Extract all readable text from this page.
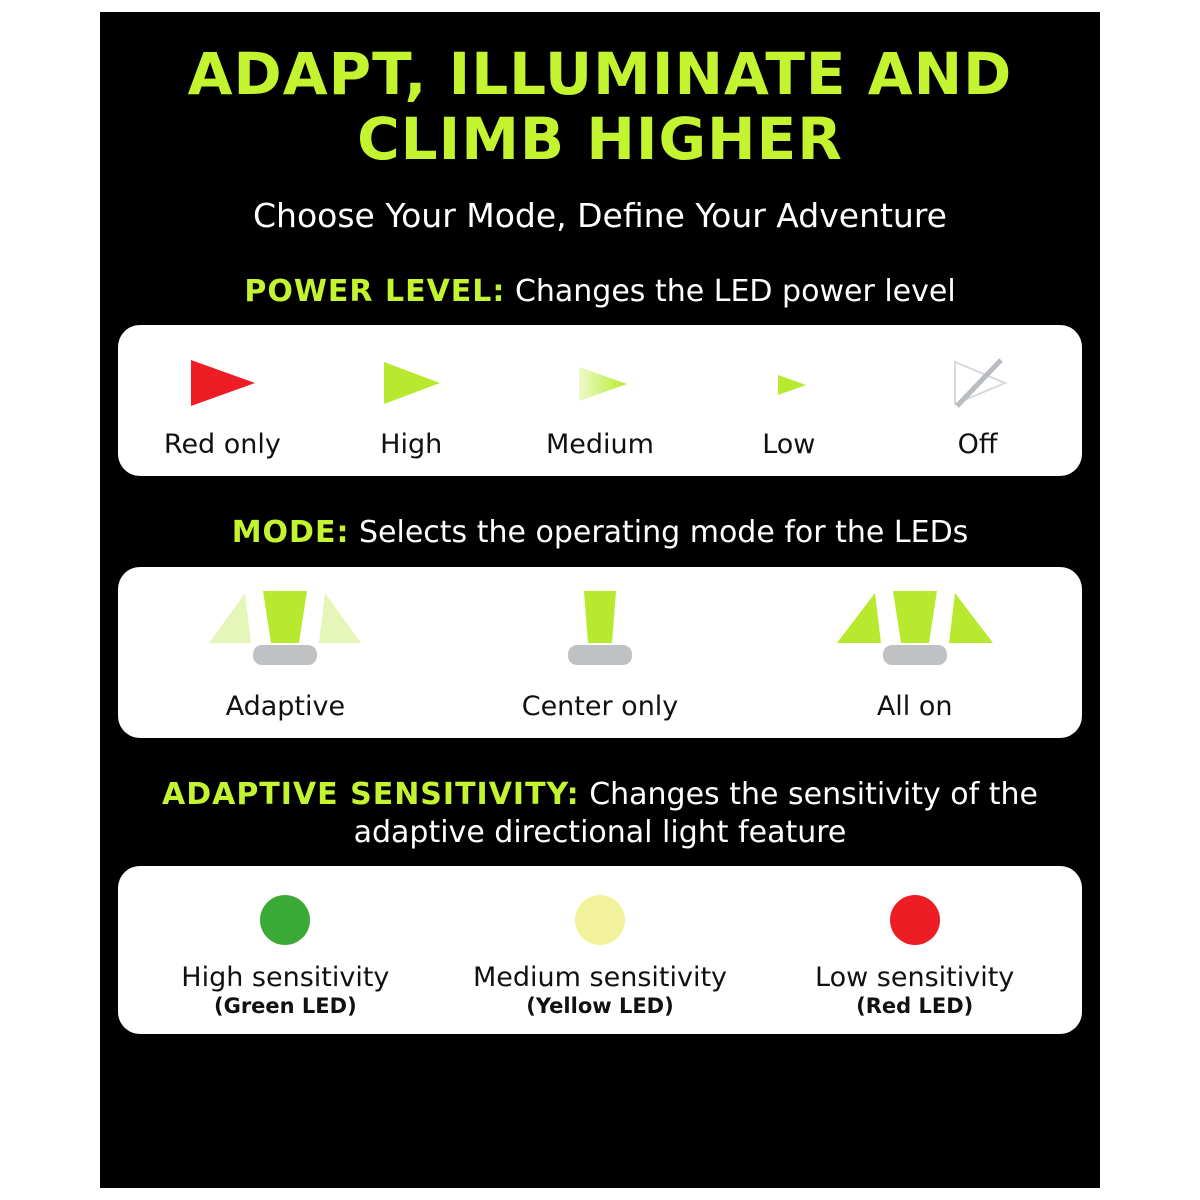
ADAPT, ILLUMINATE AND
CLIMB HIGHER
Choose Your Mode, Define Your Adventure
POWER LEVEL: Changes the LED power level
Red only	High	Medium	Low	Off
MODE: Selects the operating mode for the LEDs
Adaptive	Center only	All on
ADAPTIVE SENSITIVITY: Changes the sensitivity of the adaptive directional light feature
High sensitivity
(Green LED)
Medium sensitivity
(Yellow LED)
Low sensitivity
(Red LED)
